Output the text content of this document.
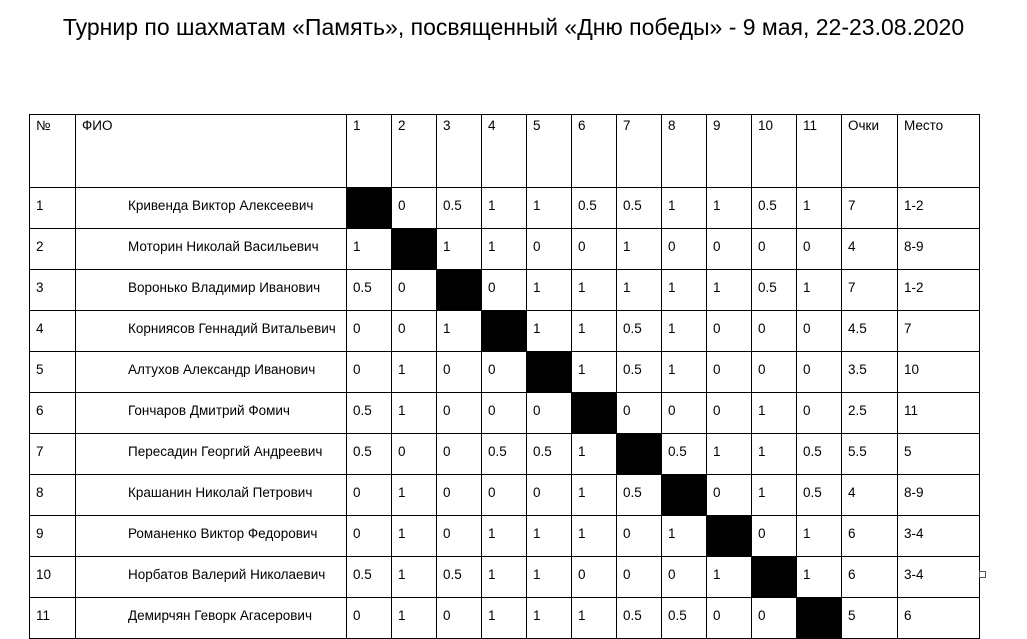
Турнир по шахматам «Память», посвященный «Дню победы» - 9 мая, 22-23.08.2020
№	ФИО	1	2	3	4	5	6	7	8	9	10	11	Очки	Место
1	Кривенда Виктор Алексеевич		0	0.5	1	1	0.5	0.5	1	1	0.5	1	7	1-2
2	Моторин Николай Васильевич	1		1	1	0	0	1	0	0	0	0	4	8-9
3	Воронько Владимир Иванович	0.5	0		0	1	1	1	1	1	0.5	1	7	1-2
4	Корниясов Геннадий Витальевич	0	0	1		1	1	0.5	1	0	0	0	4.5	7
5	Алтухов Александр Иванович	0	1	0	0		1	0.5	1	0	0	0	3.5	10
6	Гончаров Дмитрий Фомич	0.5	1	0	0	0		0	0	0	1	0	2.5	11
7	Пересадин Георгий Андреевич	0.5	0	0	0.5	0.5	1		0.5	1	1	0.5	5.5	5
8	Крашанин Николай Петрович	0	1	0	0	0	1	0.5		0	1	0.5	4	8-9
9	Романенко Виктор Федорович	0	1	0	1	1	1	0	1		0	1	6	3-4
10	Норбатов Валерий Николаевич	0.5	1	0.5	1	1	0	0	0	1		1	6	3-4
11	Демирчян Геворк Агасерович	0	1	0	1	1	1	0.5	0.5	0	0		5	6
